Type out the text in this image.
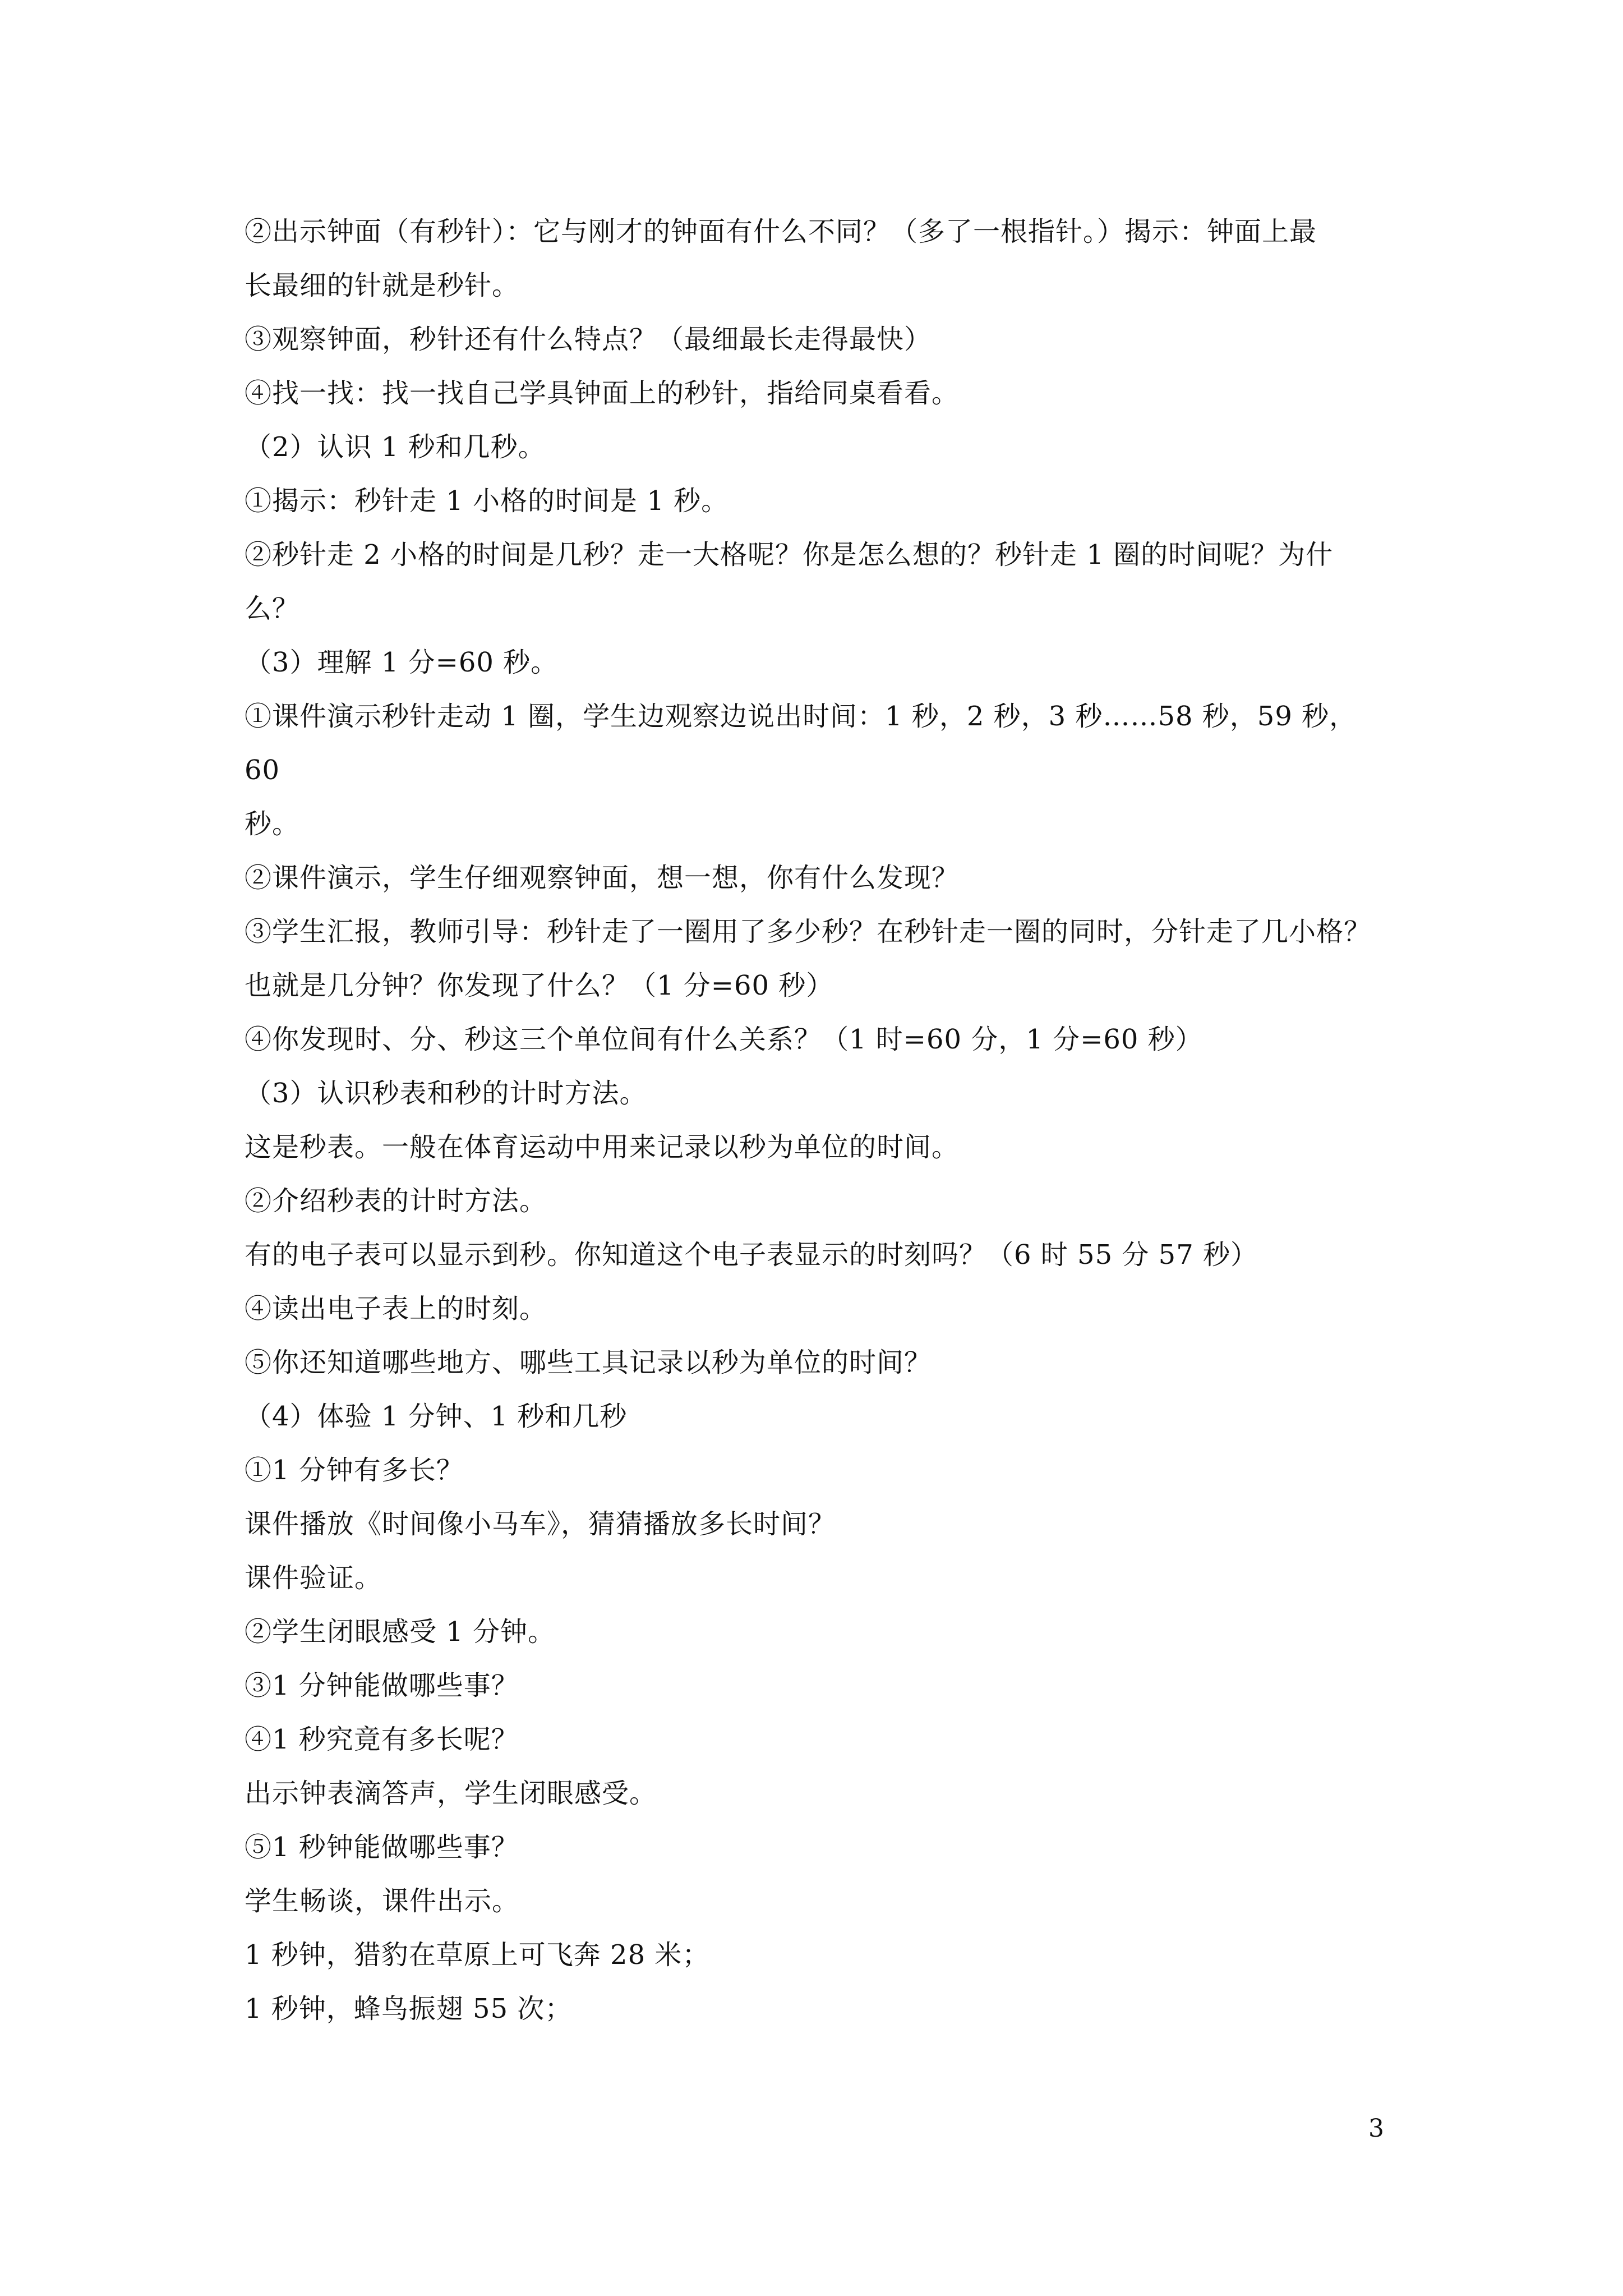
②出示钟面（有秒针）：它与刚才的钟面有什么不同？（多了一根指针。）揭示：钟面上最

长最细的针就是秒针。

③观察钟面，秒针还有什么特点？（最细最长走得最快）

④找一找：找一找自己学具钟面上的秒针，指给同桌看看。

（2）认识 1 秒和几秒。

①揭示：秒针走 1 小格的时间是 1 秒。

②秒针走 2 小格的时间是几秒？走一大格呢？你是怎么想的？秒针走 1 圈的时间呢？为什

么？

（3）理解 1 分=60 秒。

①课件演示秒针走动 1 圈，学生边观察边说出时间：1 秒，2 秒，3 秒……58 秒，59 秒，60

秒。

②课件演示，学生仔细观察钟面，想一想，你有什么发现？

③学生汇报，教师引导：秒针走了一圈用了多少秒？在秒针走一圈的同时，分针走了几小格？

也就是几分钟？你发现了什么？（1 分=60 秒）

④你发现时、分、秒这三个单位间有什么关系？（1 时=60 分，1 分=60 秒）

（3）认识秒表和秒的计时方法。

这是秒表。一般在体育运动中用来记录以秒为单位的时间。

②介绍秒表的计时方法。

有的电子表可以显示到秒。你知道这个电子表显示的时刻吗？（6 时 55 分 57 秒）

④读出电子表上的时刻。

⑤你还知道哪些地方、哪些工具记录以秒为单位的时间？

（4）体验 1 分钟、1 秒和几秒

①1 分钟有多长？

课件播放《时间像小马车》，猜猜播放多长时间？

课件验证。

②学生闭眼感受 1 分钟。

③1 分钟能做哪些事？

④1 秒究竟有多长呢？

出示钟表滴答声，学生闭眼感受。

⑤1 秒钟能做哪些事？

学生畅谈，课件出示。

1 秒钟，猎豹在草原上可飞奔 28 米；

1 秒钟，蜂鸟振翅 55 次；

3
